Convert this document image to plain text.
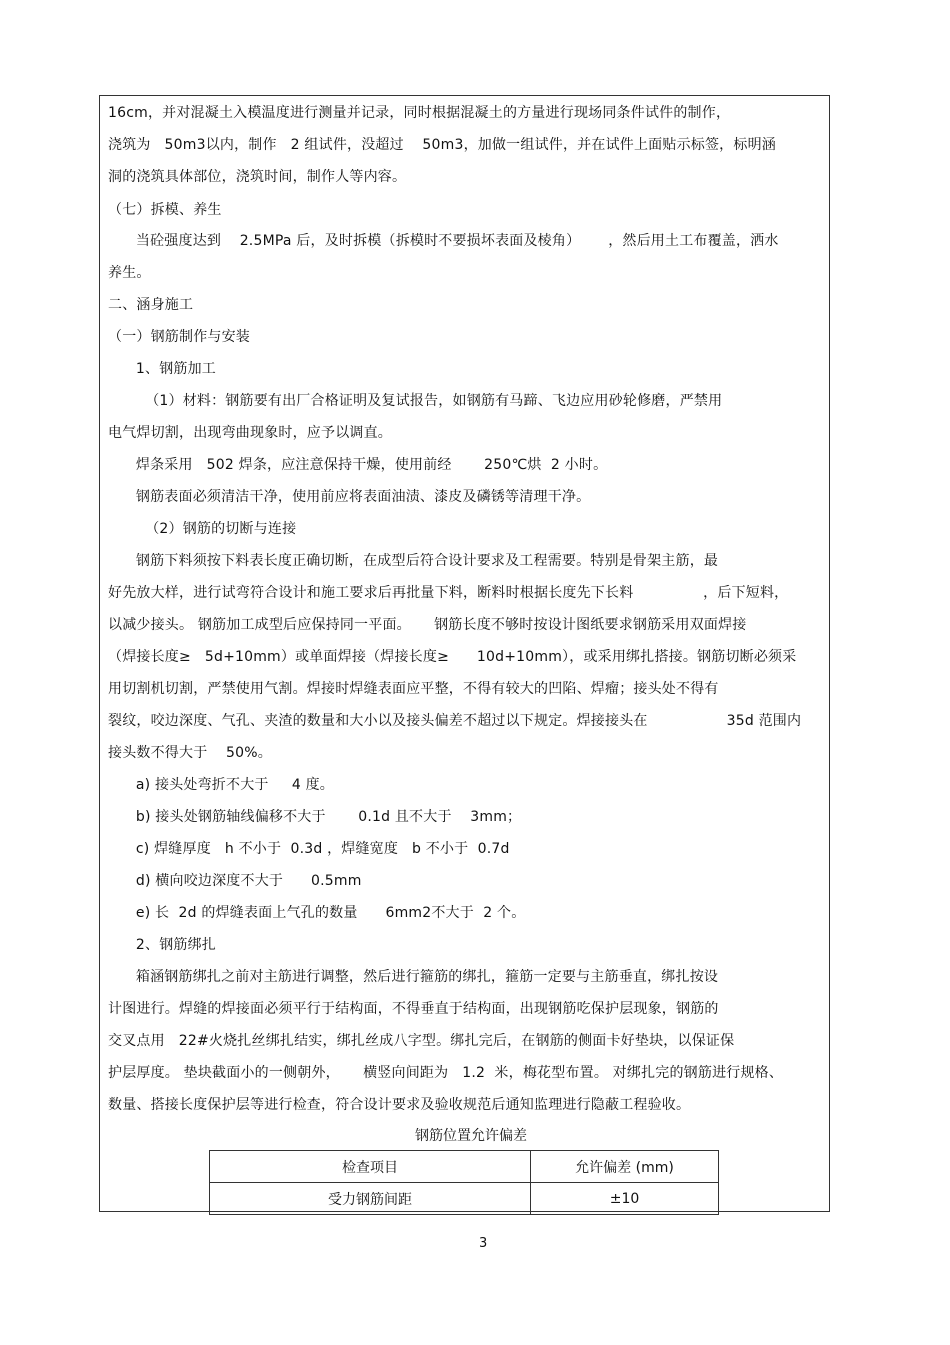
16cm，并对混凝土入模温度进行测量并记录，同时根据混凝土的方量进行现场同条件试件的制作，
浇筑为   50m3以内，制作   2 组试件，没超过    50m3，加做一组试件，并在试件上面贴示标签，标明涵
洞的浇筑具体部位，浇筑时间，制作人等内容。
（七）拆模、养生
当砼强度达到    2.5MPa 后，及时拆模（拆模时不要损坏表面及棱角）      ，然后用土工布覆盖，洒水
养生。
二、涵身施工
（一）钢筋制作与安装
1、钢筋加工
（1）材料：钢筋要有出厂合格证明及复试报告，如钢筋有马蹄、飞边应用砂轮修磨，严禁用
电气焊切割，出现弯曲现象时，应予以调直。
焊条采用   502 焊条，应注意保持干燥，使用前经       250℃烘  2 小时。
钢筋表面必须清洁干净，使用前应将表面油渍、漆皮及磷锈等清理干净。
（2）钢筋的切断与连接
钢筋下料须按下料表长度正确切断，在成型后符合设计要求及工程需要。特别是骨架主筋，最
好先放大样，进行试弯符合设计和施工要求后再批量下料，断料时根据长度先下长料               ，后下短料，
以减少接头。 钢筋加工成型后应保持同一平面。     钢筋长度不够时按设计图纸要求钢筋采用双面焊接
（焊接长度≥   5d+10mm）或单面焊接（焊接长度≥      10d+10mm），或采用绑扎搭接。钢筋切断必须采
用切割机切割，严禁使用气割。焊接时焊缝表面应平整，不得有较大的凹陷、焊瘤；接头处不得有
裂纹，咬边深度、气孔、夹渣的数量和大小以及接头偏差不超过以下规定。焊接接头在                 35d 范围内
接头数不得大于    50%。
a) 接头处弯折不大于     4 度。
b) 接头处钢筋轴线偏移不大于       0.1d 且不大于    3mm；
c) 焊缝厚度   h 不小于  0.3d ，焊缝宽度   b 不小于  0.7d
d) 横向咬边深度不大于      0.5mm
e) 长  2d 的焊缝表面上气孔的数量      6mm2不大于  2 个。
2、钢筋绑扎
箱涵钢筋绑扎之前对主筋进行调整，然后进行箍筋的绑扎，箍筋一定要与主筋垂直，绑扎按设
计图进行。焊缝的焊接面必须平行于结构面，不得垂直于结构面，出现钢筋吃保护层现象，钢筋的
交叉点用   22#火烧扎丝绑扎结实，绑扎丝成八字型。绑扎完后，在钢筋的侧面卡好垫块，以保证保
护层厚度。 垫块截面小的一侧朝外，     横竖向间距为   1.2  米，梅花型布置。 对绑扎完的钢筋进行规格、
数量、搭接长度保护层等进行检查，符合设计要求及验收规范后通知监理进行隐蔽工程验收。
钢筋位置允许偏差
检查项目	允许偏差 (mm)
受力钢筋间距	±10
3
